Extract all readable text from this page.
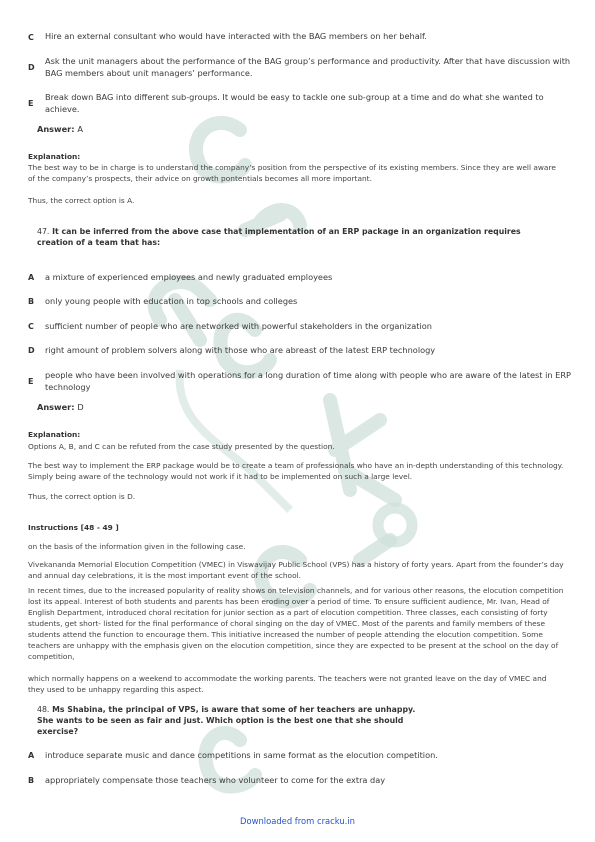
C Hire an external consultant who would have interacted with the BAG members on her behalf.
D
Ask the unit managers about the performance of the BAG group’s performance and productivity. After that have discussion with BAG members about unit managers’ performance.
E
Break down BAG into different sub-groups. It would be easy to tackle one sub-group at a time and do what she wanted to achieve.
Answer: A
Explanation:
The best way to be in charge is to understand the company’s position from the perspective of its existing members. Since they are well aware of the company’s prospects, their advice on growth pontentials becomes all more important.
Thus, the correct option is A.
47. It can be inferred from the above case that implementation of an ERP package in an organization requires creation of a team that has:
A a mixture of experienced employees and newly graduated employees
B only young people with education in top schools and colleges
C sufficient number of people who are networked with powerful stakeholders in the organization
D right amount of problem solvers along with those who are abreast of the latest ERP technology
E
people who have been involved with operations for a long duration of time along with people who are aware of the latest in ERP technology
Answer: D
Explanation:
Options A, B, and C can be refuted from the case study presented by the question.
The best way to implement the ERP package would be to create a team of professionals who have an in-depth understanding of this technology. Simply being aware of the technology would not work if it had to be implemented on such a large level.
Thus, the correct option is D.
Instructions [48 - 49 ]
on the basis of the information given in the following case.
Vivekananda Memorial Elocution Competition (VMEC) in Viswavijay Public School (VPS) has a history of forty years. Apart from the founder’s day and annual day celebrations, it is the most important event of the school.
In recent times, due to the increased popularity of reality shows on television channels, and for various other reasons, the elocution competition lost its appeal. Interest of both students and parents has been eroding over a period of time. To ensure sufficient audience, Mr. Ivan, Head of English Department, introduced choral recitation for junior section as a part of elocution competition. Three classes, each consisting of forty students, get short- listed for the final performance of choral singing on the day of VMEC. Most of the parents and family members of these students attend the function to encourage them. This initiative increased the number of people attending the elocution competition. Some teachers are unhappy with the emphasis given on the elocution competition, since they are expected to be present at the school on the day of competition,
which normally happens on a weekend to accommodate the working parents. The teachers were not granted leave on the day of VMEC and they used to be unhappy regarding this aspect.
48. Ms Shabina, the principal of VPS, is aware that some of her teachers are unhappy. She wants to be seen as fair and just. Which option is the best one that she should exercise?
A introduce separate music and dance competitions in same format as the elocution competition.
B appropriately compensate those teachers who volunteer to come for the extra day
Downloaded from cracku.in
